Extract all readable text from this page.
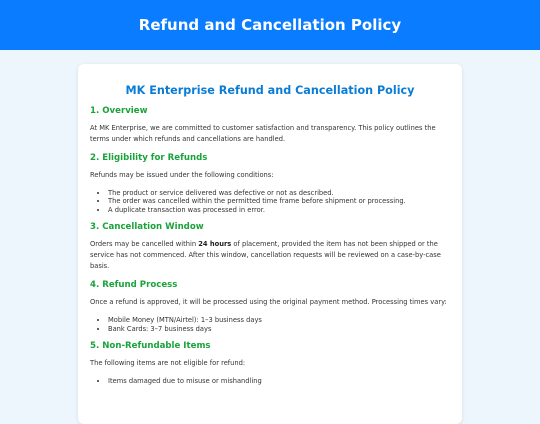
Refund and Cancellation Policy
MK Enterprise Refund and Cancellation Policy
1. Overview

At MK Enterprise, we are committed to customer satisfaction and transparency. This policy outlines the terms under which refunds and cancellations are handled.

2. Eligibility for Refunds

Refunds may be issued under the following conditions:

• The product or service delivered was defective or not as described.
• The order was cancelled within the permitted time frame before shipment or processing.
• A duplicate transaction was processed in error.
3. Cancellation Window

Orders may be cancelled within 24 hours of placement, provided the item has not been shipped or the service has not commenced. After this window, cancellation requests will be reviewed on a case-by-case basis.

4. Refund Process

Once a refund is approved, it will be processed using the original payment method. Processing times vary:

• Mobile Money (MTN/Airtel): 1–3 business days
• Bank Cards: 3–7 business days
5. Non-Refundable Items

The following items are not eligible for refund:

• Items damaged due to misuse or mishandling
